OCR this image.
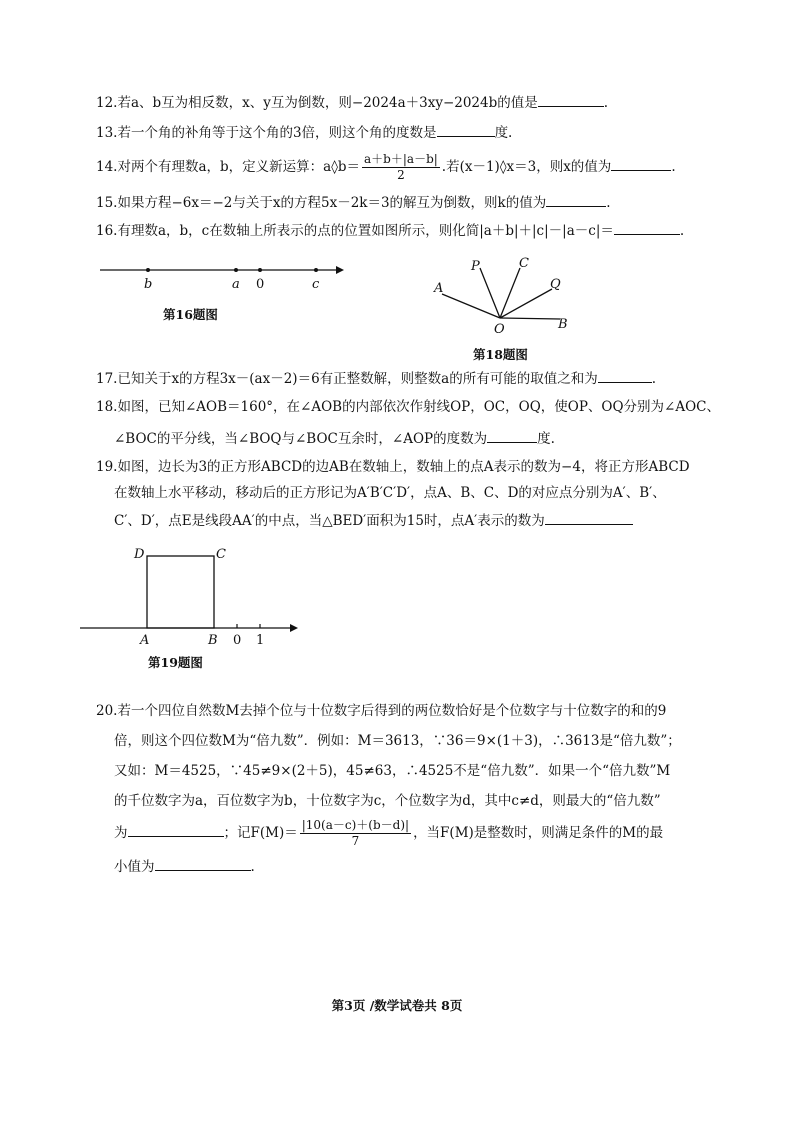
12.若a、b互为相反数，x、y互为倒数，则−2024a＋3xy−2024b的值是	.
13.若一个角的补角等于这个角的3倍，则这个角的度数是	度.
14.对两个有理数a，b，定义新运算：a◊b＝ $\frac{a+b+|a-b|}{2}$ .若(x－1)◊x＝3，则x的值为	.
15.如果方程−6x＝−2与关于x的方程5x－2k＝3的解互为倒数，则k的值为	.
16.有理数a，b，c在数轴上所表示的点的位置如图所示，则化简|a＋b|＋|c|－|a－c|＝	.
b	a 0	c
第16题图
A
P	C
Q
O	B
第18题图
17.已知关于x的方程3x－(ax－2)＝6有正整数解，则整数a的所有可能的取值之和为	.
18.如图，已知∠AOB＝160°，在∠AOB的内部依次作射线OP，OC，OQ，使OP、OQ分别为∠AOC、
∠BOC的平分线，当∠BOQ与∠BOC互余时，∠AOP的度数为	度.
19.如图，边长为3的正方形ABCD的边AB在数轴上，数轴上的点A表示的数为−4，将正方形ABCD
在数轴上水平移动，移动后的正方形记为A′B′C′D′，点A、B、C、D的对应点分别为A′、B′、
C′、D′，点E是线段AA′的中点，当△BED′面积为15时，点A′表示的数为
D	C
A	B 0 1
第19题图
20.若一个四位自然数M去掉个位与十位数字后得到的两位数恰好是个位数字与十位数字的和的9
倍，则这个四位数M为“倍九数”．例如：M＝3613，∵36＝9×(1＋3)，∴3613是“倍九数”；
又如：M＝4525，∵45≠9×(2＋5)，45≠63，∴4525不是“倍九数”．如果一个“倍九数”M
的千位数字为a，百位数字为b，十位数字为c，个位数字为d，其中c≠d，则最大的“倍九数”
为	；记$F(M)= \frac{|10(a-c)+(b-d)|}{7}$ ，当F(M)是整数时，则满足条件的M的最
小值为	.
第3页 /数学试卷共 8页
